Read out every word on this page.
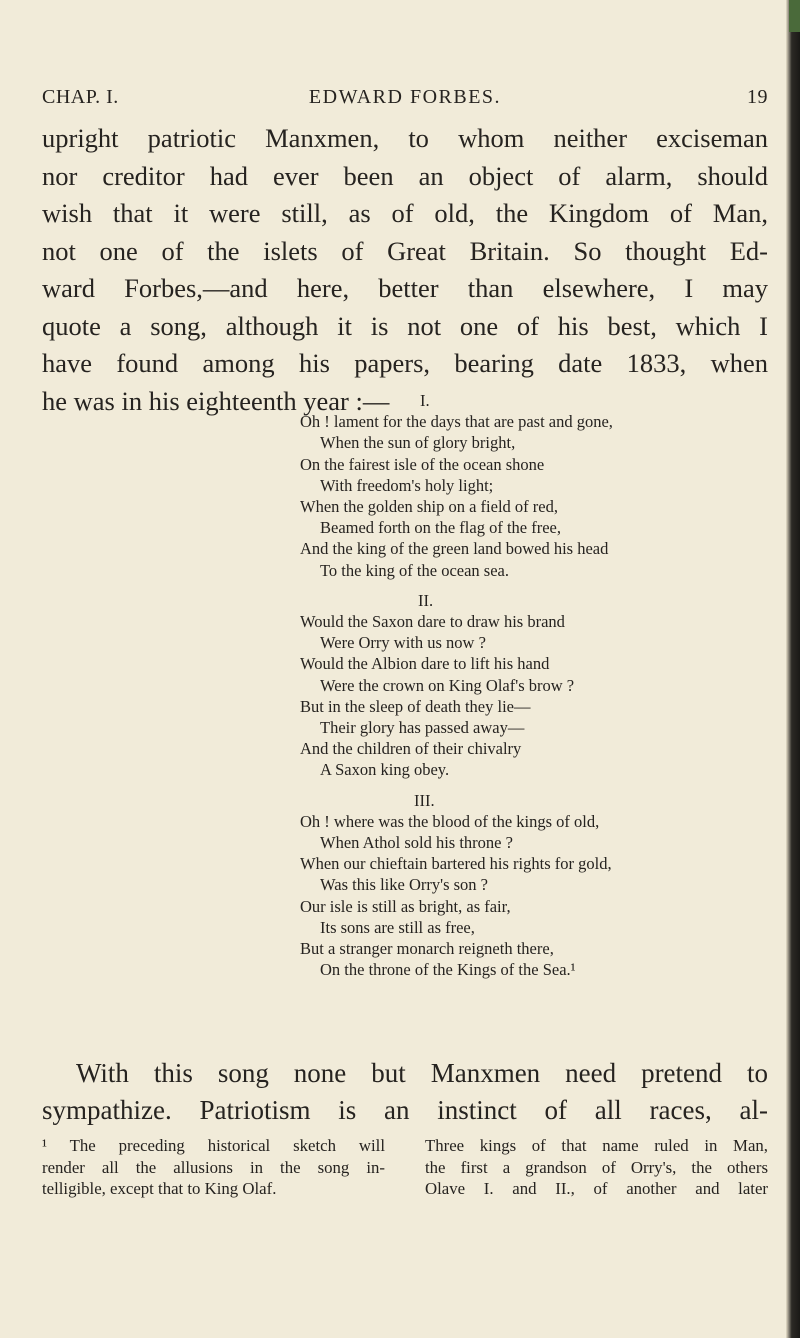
CHAP. I.	EDWARD FORBES.	19
upright patriotic Manxmen, to whom neither exciseman
nor creditor had ever been an object of alarm, should
wish that it were still, as of old, the Kingdom of Man,
not one of the islets of Great Britain. So thought Ed-
ward Forbes,—and here, better than elsewhere, I may
quote a song, although it is not one of his best, which I
have found among his papers, bearing date 1833, when
he was in his eighteenth year :—	I.
Oh ! lament for the days that are past and gone,
When the sun of glory bright,
On the fairest isle of the ocean shone
With freedom's holy light;
When the golden ship on a field of red,
Beamed forth on the flag of the free,
And the king of the green land bowed his head
To the king of the ocean sea.
II.
Would the Saxon dare to draw his brand
Were Orry with us now ?
Would the Albion dare to lift his hand
Were the crown on King Olaf's brow ?
But in the sleep of death they lie—
Their glory has passed away—
And the children of their chivalry
A Saxon king obey.
III.
Oh ! where was the blood of the kings of old,
When Athol sold his throne ?
When our chieftain bartered his rights for gold,
Was this like Orry's son ?
Our isle is still as bright, as fair,
Its sons are still as free,
But a stranger monarch reigneth there,
On the throne of the Kings of the Sea.¹
With this song none but Manxmen need pretend to
sympathize. Patriotism is an instinct of all races, al-
¹ The preceding historical sketch will
render all the allusions in the song in-
telligible, except that to King Olaf.
Three kings of that name ruled in Man,
the first a grandson of Orry's, the others
Olave I. and II., of another and later
